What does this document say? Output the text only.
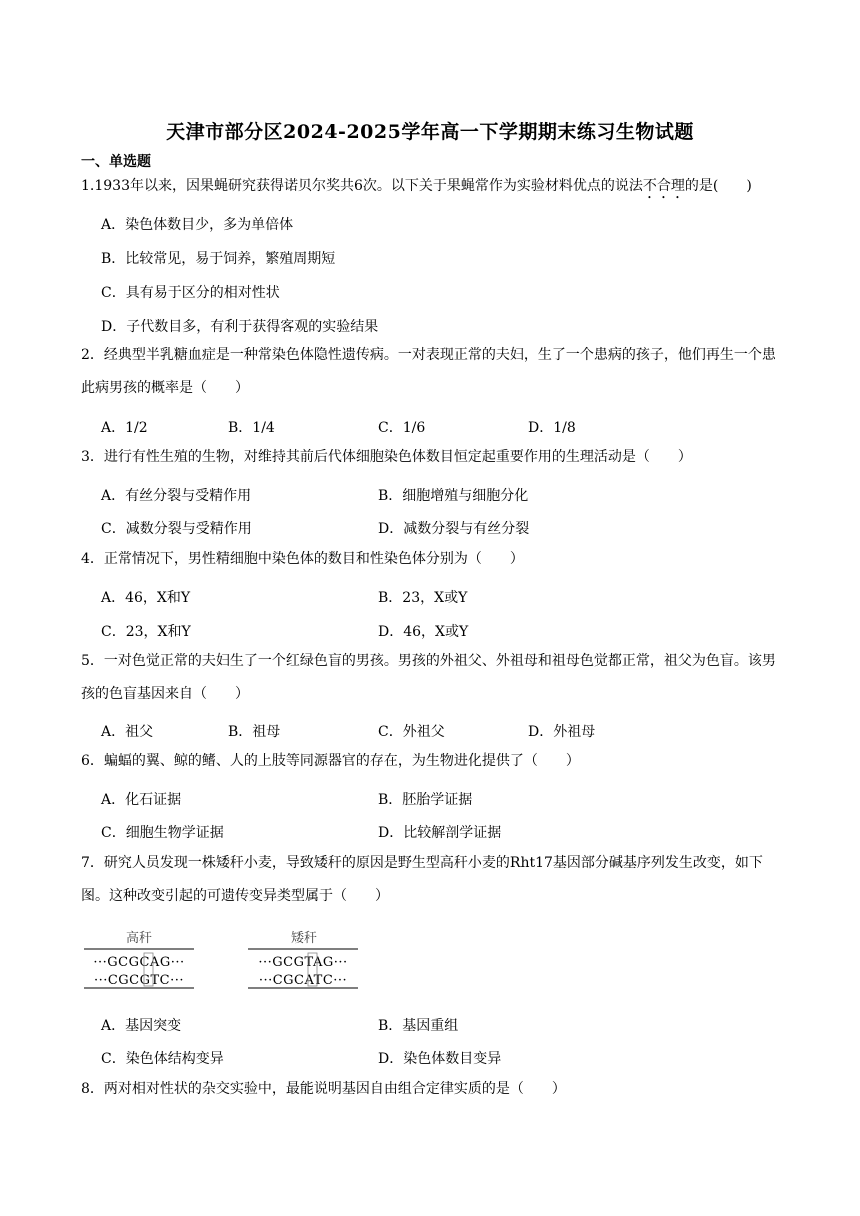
天津市部分区2024-2025学年高一下学期期末练习生物试题
一、单选题
1.1933年以来，因果蝇研究获得诺贝尔奖共6次。以下关于果蝇常作为实验材料优点的说法不合理的是(　　)
A．染色体数目少，多为单倍体
B．比较常见，易于饲养，繁殖周期短
C．具有易于区分的相对性状
D．子代数目多，有利于获得客观的实验结果
2．经典型半乳糖血症是一种常染色体隐性遗传病。一对表现正常的夫妇，生了一个患病的孩子，他们再生一个患此病男孩的概率是（　　）
A．1/2	B．1/4	C．1/6	D．1/8
3．进行有性生殖的生物，对维持其前后代体细胞染色体数目恒定起重要作用的生理活动是（　　）
A．有丝分裂与受精作用	B．细胞增殖与细胞分化
C．减数分裂与受精作用	D．减数分裂与有丝分裂
4．正常情况下，男性精细胞中染色体的数目和性染色体分别为（　　）
A．46，X和Y	B．23，X或Y
C．23，X和Y	D．46，X或Y
5．一对色觉正常的夫妇生了一个红绿色盲的男孩。男孩的外祖父、外祖母和祖母色觉都正常，祖父为色盲。该男孩的色盲基因来自（　　）
A．祖父	B．祖母	C．外祖父	D．外祖母
6．蝙蝠的翼、鲸的鳍、人的上肢等同源器官的存在，为生物进化提供了（　　）
A．化石证据	B．胚胎学证据
C．细胞生物学证据	D．比较解剖学证据
7．研究人员发现一株矮秆小麦，导致矮秆的原因是野生型高秆小麦的Rht17基因部分碱基序列发生改变，如下图。这种改变引起的可遗传变异类型属于（　　）
高秆
···GCGCAG···
···CGCGTC···
矮秆
···GCGTAG···
···CGCATC···
A．基因突变	B．基因重组
C．染色体结构变异	D．染色体数目变异
8．两对相对性状的杂交实验中，最能说明基因自由组合定律实质的是（　　）
